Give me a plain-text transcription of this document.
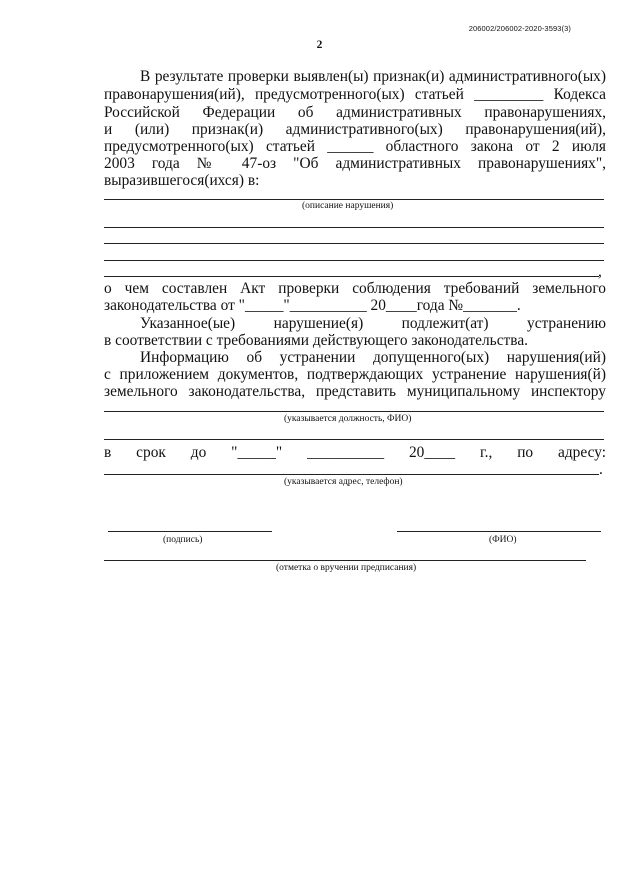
206002/206002-2020-3593(3)
2
В результате проверки выявлен(ы) признак(и) административного(ых)
правонарушения(ий), предусмотренного(ых) статьей _________ Кодекса
Российской Федерации об административных правонарушениях,
и (или) признак(и) административного(ых) правонарушения(ий),
предусмотренного(ых) статьей ______ областного закона от 2 июля
2003 года № 47-оз "Об административных правонарушениях",
выразившегося(ихся) в:
(описание нарушения)
,
о чем составлен Акт проверки соблюдения требований земельного
законодательства от "_____"__________ 20____года №_______.
Указанное(ые) нарушение(я) подлежит(ат) устранению
в соответствии с требованиями действующего законодательства.
Информацию об устранении допущенного(ых) нарушения(ий)
с приложением документов, подтверждающих устранение нарушения(й)
земельного законодательства, представить муниципальному инспектору
(указывается должность, ФИО)
в срок до "_____" __________ 20____ г., по адресу:
.
(указывается адрес, телефон)
(подпись)	(ФИО)
(отметка о вручении предписания)
